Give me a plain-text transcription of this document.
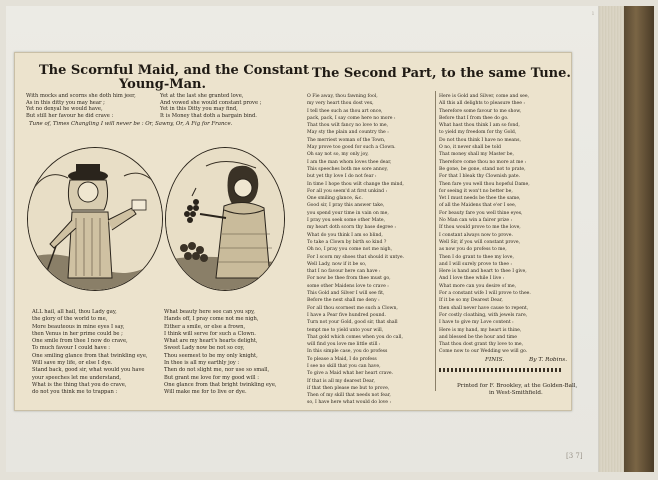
The Scornful Maid, and the Constant
Young-Man.
The Second Part, to the same Tune.
With mocks and scorns she doth him jeer,
As in this ditty you may hear ;
Yet no denyal he would have,
But still her favour he did crave :
Yet at the last she granted love,
And vowed she would constant prove ;
Yet in this Ditty you may find,
It is Money that doth a bargain bind.
Tune of, Times Changling I will never be : Or, Sawny, Or, A Fig for France.
ALL hail, all hail, thou Lady gay,
the glory of the world to me,
More beauteous in mine eyes I say,
then Venus in her prime could be ;
One smile from thee I now do crave,
To much favour I could have :
One smiling glance from that twinkling eye,
Will save my life, or else I dye.
Stand back, good sir, what would you have
your speeches let me understand,
What is the thing that you do crave,
do not you think me to trappan :
What beauty here see can you spy,
Hands off, I pray come not me nigh,
Either a smile, or else a frown,
I think will serve for such a Clown.
What are my heart's hearts delight,
Sweet Lady now be not so coy,
Thou seemest to be my only knight,
In thee is all my earthly joy :
Then do not slight me, nor use so small,
But grant me love for my good will :
One glance from that bright twinkling eye,
Will make me for to live or dye.
O Fie away, thou fawning fool,
my very heart thou dost vex,
I tell thee such as thou art once,
pack, pack, I say come here no more :
That thou wilt fancy no love to me,
May sty the plain and country the :
The merriest woman of the Town,
May prove too good for such a Clown.
Oh say not so, my only joy,
I am the man whom loves thee dear,
This speeches both me sore annoy,
but yet thy love I do not fear :
In time I hope thou wilt change the mind,
For all you seem'd at first unkind :
One smiling glance, &c.
Good sir, I pray this answer take,
you spend your time in vain on me,
I pray you seek some other Mate,
my heart doth scorn thy base degree :
What do you think I am so blind,
To take a Clown by birth so kind ?
Oh no, I pray you come not me nigh,
For I scorn my shoes that should it untye.
Well Lady, now if it be so,
that I no favour here can have :
For now be thee from thee must go,
some other Maidens love to crave :
This Gold and Silver I will see fit,
Before the next shall me deny :
For all thou scornest me such a Clown,
I have a Pear five hundred pound.
Turn not your Gold, good sir, that shall
tempt me to yield unto your will,
That gold which comes when you do call,
will find you love me little still :
In this simple case, you do profess
To please a Maid, I do profess
I see no skill that you can have,
To give a Maid what her heart crave.
If that is all my dearest Dear,
if that then please me but to prove,
Then of my skill that needs not fear,
so, I have here what would do love :
Here is Gold and Silver, come and see,
All this all delights to pleasure thee :
Therefore some favour to me show,
Before that I from thee do go.
What hast thou think I am so fond,
to yield my freedom for thy Gold,
Do not thou think I have no means,
O no, it never shall be told
That money shall my Master be,
Therefore come thou no more at me :
Be gone, be gone, stand not to prate,
For that I bleak thy Clownish pate.
Then fare you well thou hopeful Dame,
for seeing it won't no better be,
Yet I must needs be thee the same,
of all the Maidens that e'er I see,
For beauty fare you well thine eyes,
No Man can win a fairer prize :
If thou would prove to me the love,
I constant always now to prove.
Well Sir, if you will constant prove,
as now you do profess to me,
Then I do grant to thee my love,
and I will surely prove to thee :
Here is hand and heart to thee I give,
And I love thee while I live :
What more can you desire of me,
For a constant wife I will prove to thee.
If it be so my Dearest Dear,
then shall never have cause to repent,
For costly cloathing, with jewels rare,
I have to give my Love content :
Here is my hand, my heart is thine,
and blessed be the hour and time
That thou dost grant thy love to me,
Come now to our Wedding we will go.
FINIS.	By T. Robins.
Printed for F. Brookley, at the Golden-Ball,
in West-Smithfield.
[3 7]
ı
